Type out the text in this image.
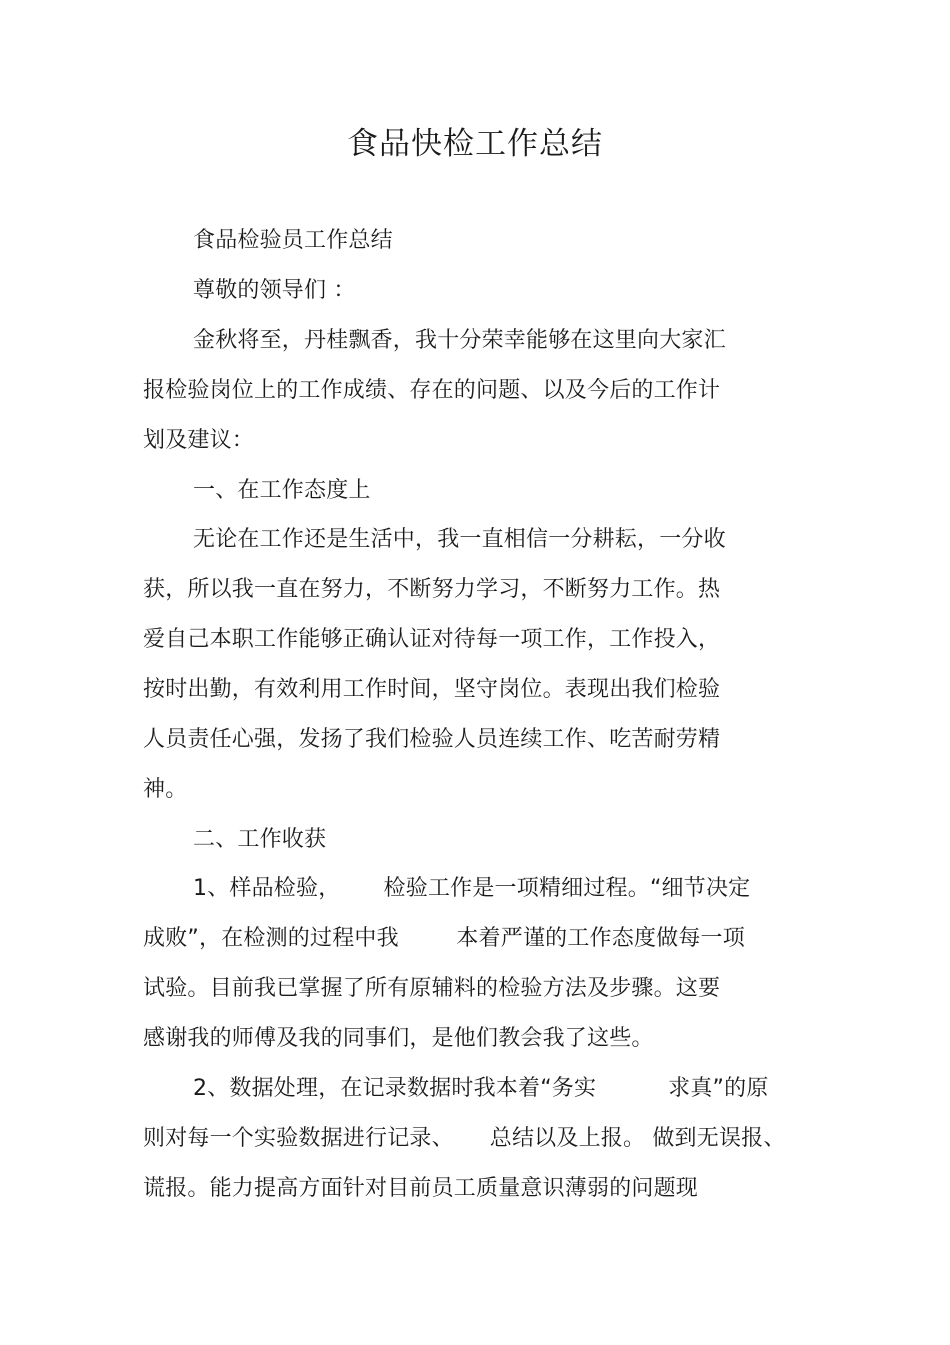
食品快检工作总结
食品检验员工作总结
尊敬的领导们 ：
金秋将至，丹桂飘香，我十分荣幸能够在这里向大家汇
报检验岗位上的工作成绩、存在的问题、以及今后的工作计
划及建议：
一、在工作态度上
无论在工作还是生活中，我一直相信一分耕耘，一分收
获，所以我一直在努力，不断努力学习，不断努力工作。热
爱自己本职工作能够正确认证对待每一项工作，工作投入，
按时出勤，有效利用工作时间，坚守岗位。表现出我们检验
人员责任心强，发扬了我们检验人员连续工作、吃苦耐劳精
神。
二、工作收获
1、样品检验，      检验工作是一项精细过程。“细节决定
成败”，在检测的过程中我        本着严谨的工作态度做每一项
试验。目前我已掌握了所有原辅料的检验方法及步骤。这要
感谢我的师傅及我的同事们，是他们教会我了这些。
2、数据处理，在记录数据时我本着“务实          求真”的原
则对每一个实验数据进行记录、     总结以及上报。 做到无误报、
谎报。能力提高方面针对目前员工质量意识薄弱的问题现
